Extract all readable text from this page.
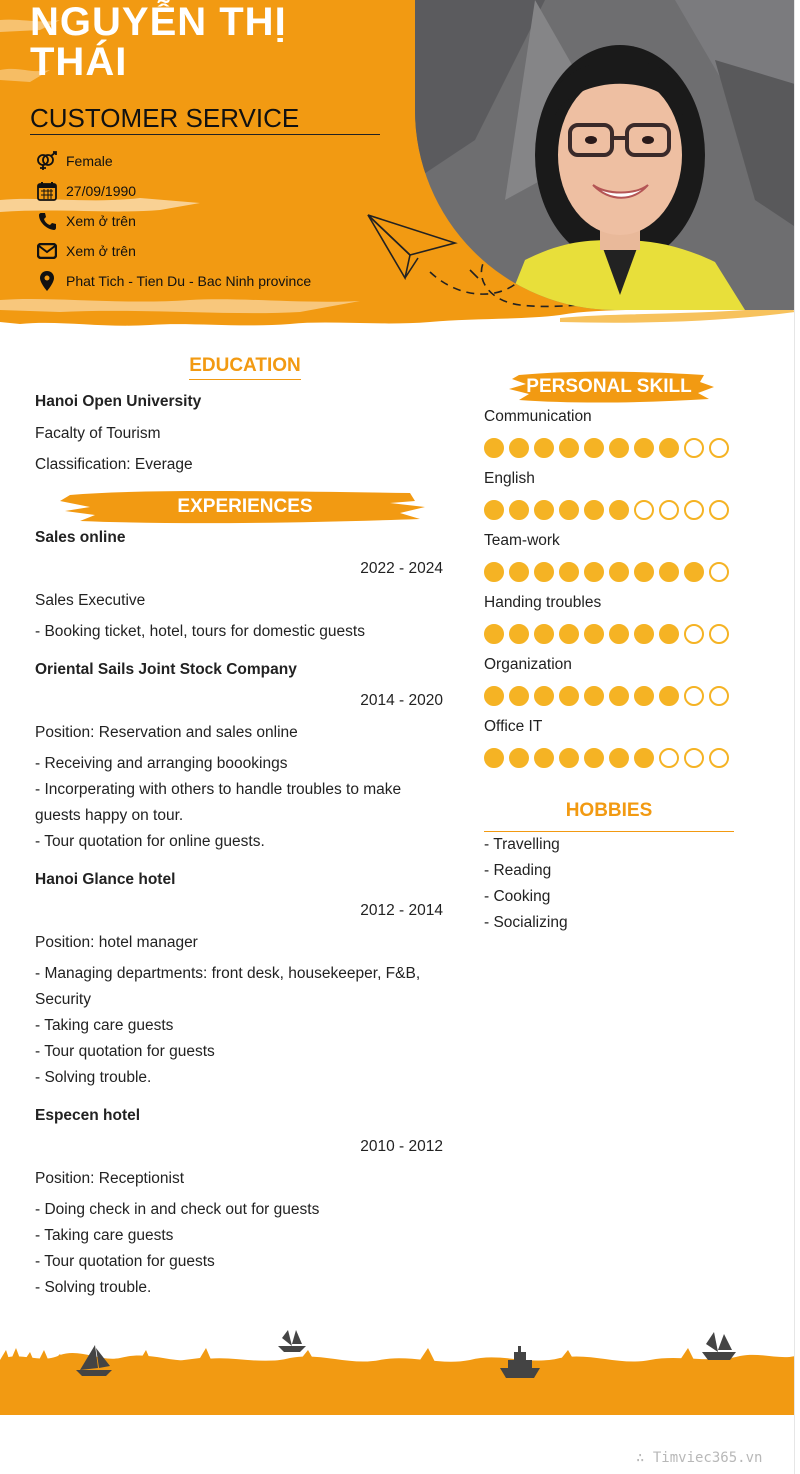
NGUYỄN THỊ THÁI
CUSTOMER SERVICE
Female
27/09/1990
Xem ở trên
Xem ở trên
Phat Tich - Tien Du - Bac Ninh province
EDUCATION
Hanoi Open University
Facalty of Tourism
Classification: Everage
EXPERIENCES
Sales online
2022 - 2024
Sales Executive
- Booking ticket, hotel, tours for domestic guests
Oriental Sails Joint Stock Company
2014 - 2020
Position: Reservation and sales online
- Receiving and arranging boookings
- Incorperating with others to handle troubles to make
guests happy on tour.
- Tour quotation for online guests.
Hanoi Glance hotel
2012 - 2014
Position: hotel manager
- Managing departments: front desk, housekeeper, F&B,
Security
- Taking care guests
- Tour quotation for guests
- Solving trouble.
Especen hotel
2010 - 2012
Position: Receptionist
- Doing check in and check out for guests
- Taking care guests
- Tour quotation for guests
- Solving trouble.
PERSONAL SKILL
Communication
English
Team-work
Handing troubles
Organization
Office IT
HOBBIES
- Travelling
- Reading
- Cooking
- Socializing
∴ Timviec365.vn
